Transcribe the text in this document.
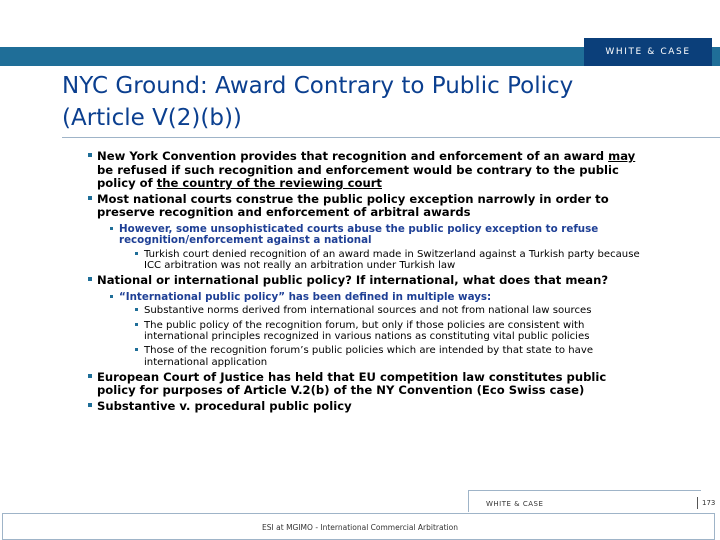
WHITE & CASE
NYC Ground: Award Contrary to Public Policy
(Article V(2)(b))
New York Convention provides that recognition and enforcement of an award may be refused if such recognition and enforcement would be contrary to the public policy of the country of the reviewing court
Most national courts construe the public policy exception narrowly in order to preserve recognition and enforcement of arbitral awards
However, some unsophisticated courts abuse the public policy exception to refuse recognition/enforcement against a national
Turkish court denied recognition of an award made in Switzerland against a Turkish party because ICC arbitration was not really an arbitration under Turkish law
National or international public policy? If international, what does that mean?
“International public policy” has been defined in multiple ways:
Substantive norms derived from international sources and not from national law sources
The public policy of the recognition forum, but only if those policies are consistent with international principles recognized in various nations as constituting vital public policies
Those of the recognition forum’s public policies which are intended by that state to have international application
European Court of Justice has held that EU competition law constitutes public policy for purposes of Article V.2(b) of the NY Convention (Eco Swiss case)
Substantive v. procedural public policy
WHITE & CASE	173
ESI at MGIMO - International Commercial Arbitration
